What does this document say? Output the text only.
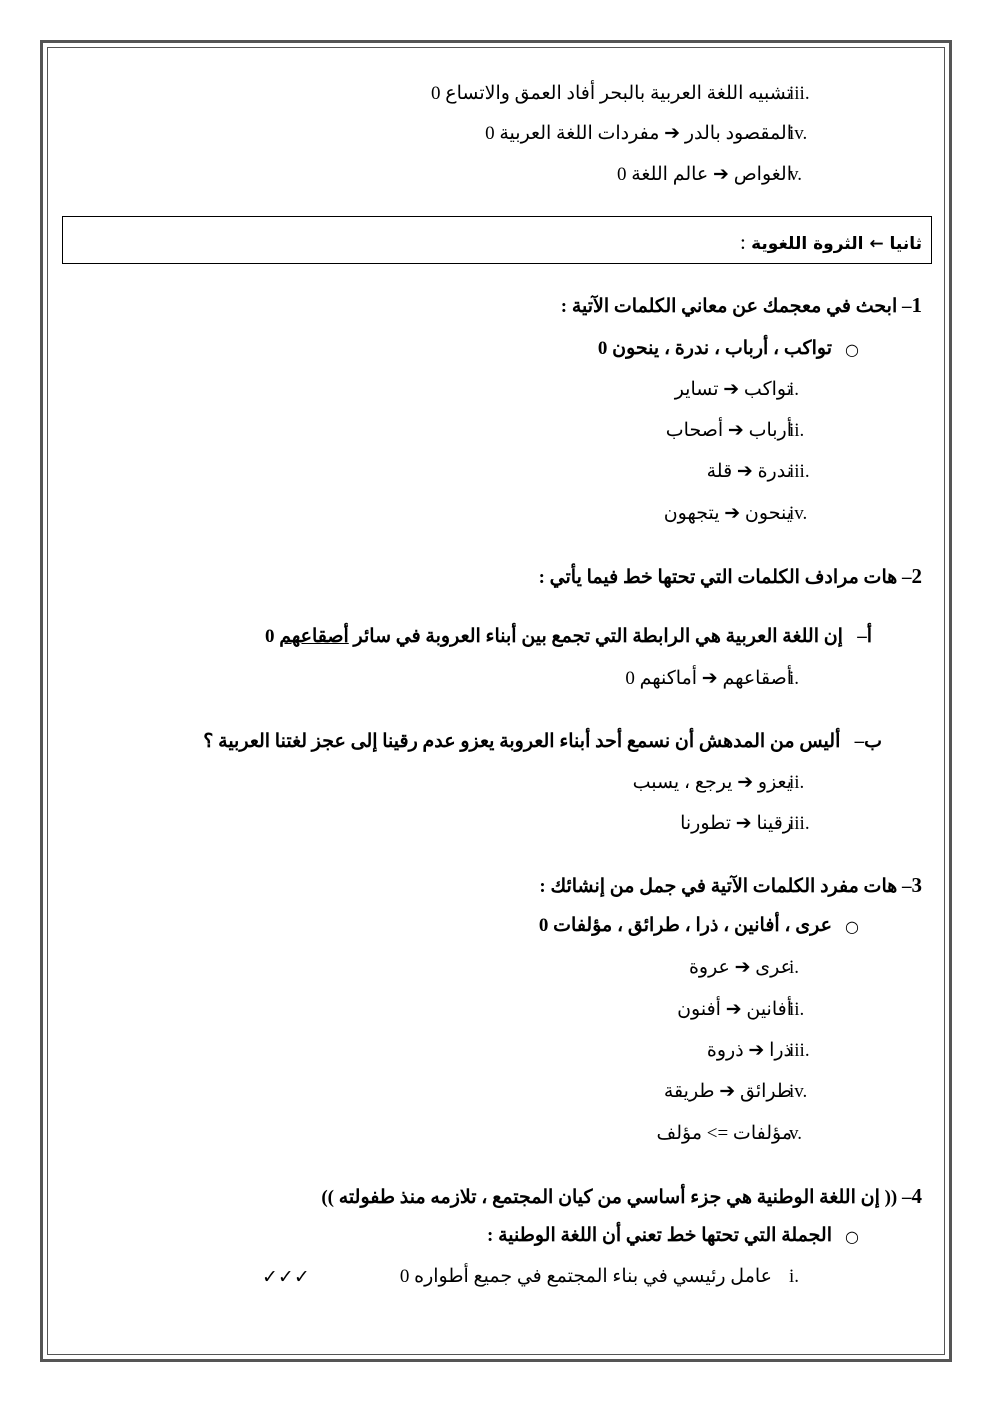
تشبيه اللغة العربية بالبحر أفاد العمق والاتساع 0
iii.
المقصود بالدر ➔ مفردات اللغة العربية 0
iv.
الغواص ➔ عالم اللغة 0
v.
ثانيا ← الثروة اللغوية :
1– ابحث في معجمك عن معاني الكلمات الآتية :
○
تواكب ، أرباب ، ندرة ، ينحون 0
تواكب ➔ تساير
i.
أرباب ➔ أصحاب
ii.
ندرة ➔ قلة
iii.
ينحون ➔ يتجهون
iv.
2– هات مرادف الكلمات التي تحتها خط فيما يأتي :
أ–   إن اللغة العربية هي الرابطة التي تجمع بين أبناء العروبة في سائر أصقاعهم 0
أصقاعهم ➔ أماكنهم 0
i.
ب–   أليس من المدهش أن نسمع أحد أبناء العروبة يعزو عدم رقينا إلى عجز لغتنا العربية ؟
يعزو ➔ يرجع ، يسبب
ii.
رقينا ➔ تطورنا
iii.
3– هات مفرد الكلمات الآتية في جمل من إنشائك :
○
عرى ، أفانين ، ذرا ، طرائق ، مؤلفات 0
عرى ➔ عروة
i.
أفانين ➔ أفنون
ii.
ذرا ➔ ذروة
iii.
طرائق ➔ طريقة
iv.
مؤلفات => مؤلف
v.
4– (( إن اللغة الوطنية هي جزء أساسي من كيان المجتمع ، تلازمه منذ طفولته ))
○
الجملة التي تحتها خط تعني أن اللغة الوطنية :
عامل رئيسي في بناء المجتمع في جميع أطواره 0 i.
✓✓✓
